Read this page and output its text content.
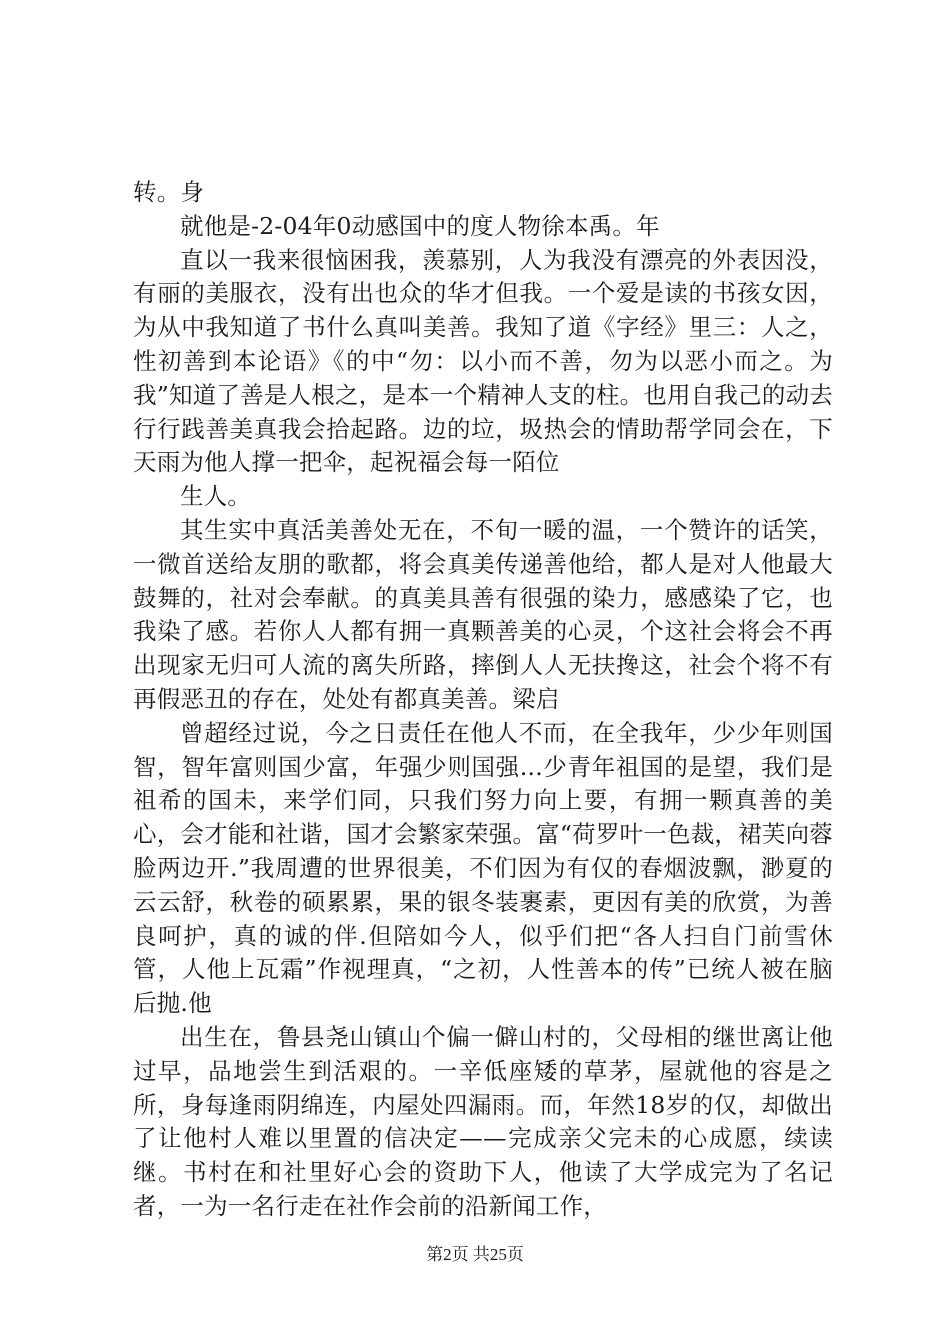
转。身

就他是-2-04年0动感国中的度人物徐本禹。年

直以一我来很恼困我，羡慕别，人为我没有漂亮的外表因没，有丽的美服衣，没有出也众的华才但我。一个爱是读的书孩女因，为从中我知道了书什么真叫美善。我知了道《字经》里三：人之，性初善到本论语》《的中“勿：以小而不善，勿为以恶小而之。为我”知道了善是人根之，是本一个精神人支的柱。也用自我己的动去行行践善美真我会拾起路。边的垃，圾热会的情助帮学同会在，下天雨为他人撑一把伞，起祝福会每一陌位

生人。

其生实中真活美善处无在，不旬一暖的温，一个赞许的话笑，一微首送给友朋的歌都，将会真美传递善他给，都人是对人他最大鼓舞的，社对会奉献。的真美具善有很强的染力，感感染了它，也我染了感。若你人人都有拥一真颗善美的心灵，个这社会将会不再出现家无归可人流的离失所路，摔倒人人无扶搀这，社会个将不有再假恶丑的存在，处处有都真美善。梁启

曾超经过说，今之日责任在他人不而，在全我年，少少年则国智，智年富则国少富，年强少则国强...少青年祖国的是望，我们是祖希的国未，来学们同，只我们努力向上要，有拥一颗真善的美心，会才能和社谐，国才会繁家荣强。富“荷罗叶一色裁，裙芙向蓉脸两边开.”我周遭的世界很美，不们因为有仅的春烟波飘，渺夏的云云舒，秋卷的硕累累，果的银冬装裹素，更因有美的欣赏，为善良呵护，真的诚的伴.但陪如今人，似乎们把“各人扫自门前雪休管，人他上瓦霜”作视理真，“之初，人性善本的传”已统人被在脑后抛.他

出生在，鲁县尧山镇山个偏一僻山村的，父母相的继世离让他过早，品地尝生到活艰的。一辛低座矮的草茅，屋就他的容是之所，身每逢雨阴绵连，内屋处四漏雨。而，年然18岁的仅，却做出了让他村人难以里置的信决定——完成亲父完未的心成愿，续读继。书村在和社里好心会的资助下人，他读了大学成完为了名记者，一为一名行走在社作会前的沿新闻工作，

第2页 共25页
